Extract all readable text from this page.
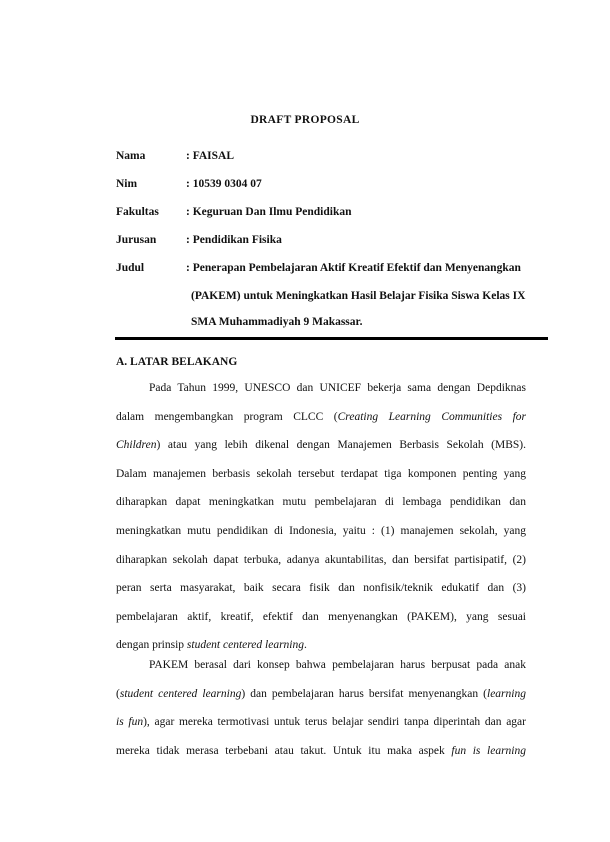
DRAFT PROPOSAL
Nama	: FAISAL
Nim	: 10539 0304 07
Fakultas : Keguruan Dan Ilmu Pendidikan
Jurusan	: Pendidikan Fisika
Judul	: Penerapan Pembelajaran Aktif Kreatif Efektif dan Menyenangkan
(PAKEM) untuk Meningkatkan Hasil Belajar Fisika Siswa Kelas IX
SMA Muhammadiyah 9 Makassar.
A. LATAR BELAKANG
Pada Tahun 1999, UNESCO dan UNICEF bekerja sama dengan Depdiknas
dalam mengembangkan program CLCC (Creating Learning Communities for
Children) atau yang lebih dikenal dengan Manajemen Berbasis Sekolah (MBS).
Dalam manajemen berbasis sekolah tersebut terdapat tiga komponen penting yang
diharapkan dapat meningkatkan mutu pembelajaran di lembaga pendidikan dan
meningkatkan mutu pendidikan di Indonesia, yaitu : (1) manajemen sekolah, yang
diharapkan sekolah dapat terbuka, adanya akuntabilitas, dan bersifat partisipatif, (2)
peran serta masyarakat, baik secara fisik dan nonfisik/teknik edukatif dan (3)
pembelajaran aktif, kreatif, efektif dan menyenangkan (PAKEM), yang sesuai
dengan prinsip student centered learning.
PAKEM berasal dari konsep bahwa pembelajaran harus berpusat pada anak
(student centered learning) dan pembelajaran harus bersifat menyenangkan (learning
is fun), agar mereka termotivasi untuk terus belajar sendiri tanpa diperintah dan agar
mereka tidak merasa terbebani atau takut. Untuk itu maka aspek fun is learning
